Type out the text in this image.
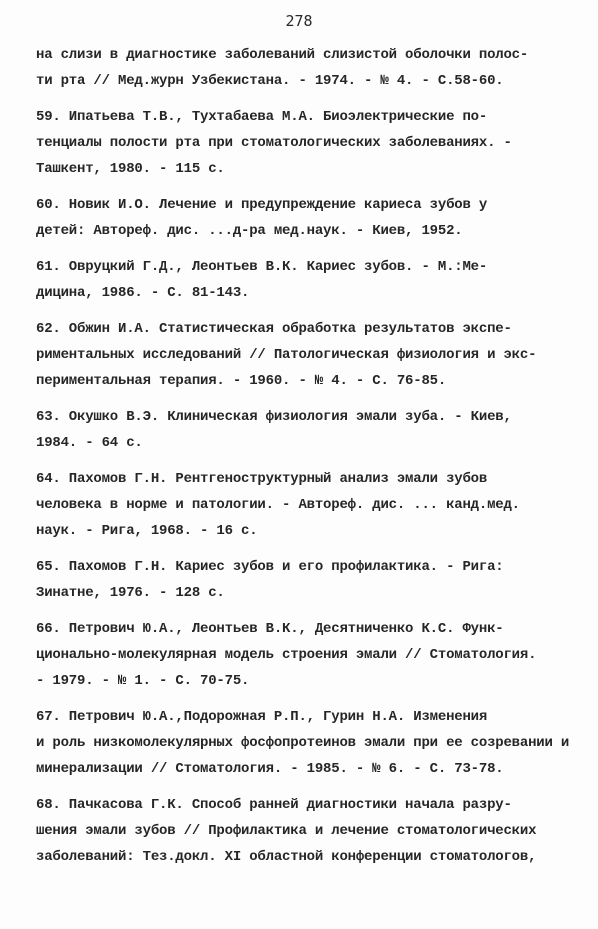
278
на слизи в диагностике заболеваний слизистой оболочки полос-
ти рта // Мед.журн Узбекистана. - 1974. - № 4. - С.58-60.
59. Ипатьева Т.В., Тухтабаева М.А. Биоэлектрические по-
тенциалы полости рта при стоматологических заболеваниях. -
Ташкент, 1980. - 115 с.
60. Новик И.О. Лечение и предупреждение кариеса зубов у
детей: Автореф. дис. ...д-ра мед.наук. - Киев, 1952.
61. Овруцкий Г.Д., Леонтьев В.К. Кариес зубов. - М.:Ме-
дицина, 1986. - С. 81-143.
62. Обжин И.А. Статистическая обработка результатов экспе-
риментальных исследований // Патологическая физиология и экс-
периментальная терапия. - 1960. - № 4. - С. 76-85.
63. Окушко В.Э. Клиническая физиология эмали зуба. - Киев,
1984. - 64 с.
64. Пахомов Г.Н. Рентгеноструктурный анализ эмали зубов
человека в норме и патологии. - Автореф. дис. ... канд.мед.
наук. - Рига, 1968. - 16 с.
65. Пахомов Г.Н. Кариес зубов и его профилактика. - Рига:
Зинатне, 1976. - 128 с.
66. Петрович Ю.А., Леонтьев В.К., Десятниченко К.С. Функ-
ционально-молекулярная модель строения эмали // Стоматология.
- 1979. - № 1. - С. 70-75.
67. Петрович Ю.А.,Подорожная Р.П., Гурин Н.А. Изменения
и роль низкомолекулярных фосфопротеинов эмали при ее созревании и
минерализации // Стоматология. - 1985. - № 6. - С. 73-78.
68. Пачкасова Г.К. Способ ранней диагностики начала разру-
шения эмали зубов // Профилактика и лечение стоматологических
заболеваний: Тез.докл. XI областной конференции стоматологов,
